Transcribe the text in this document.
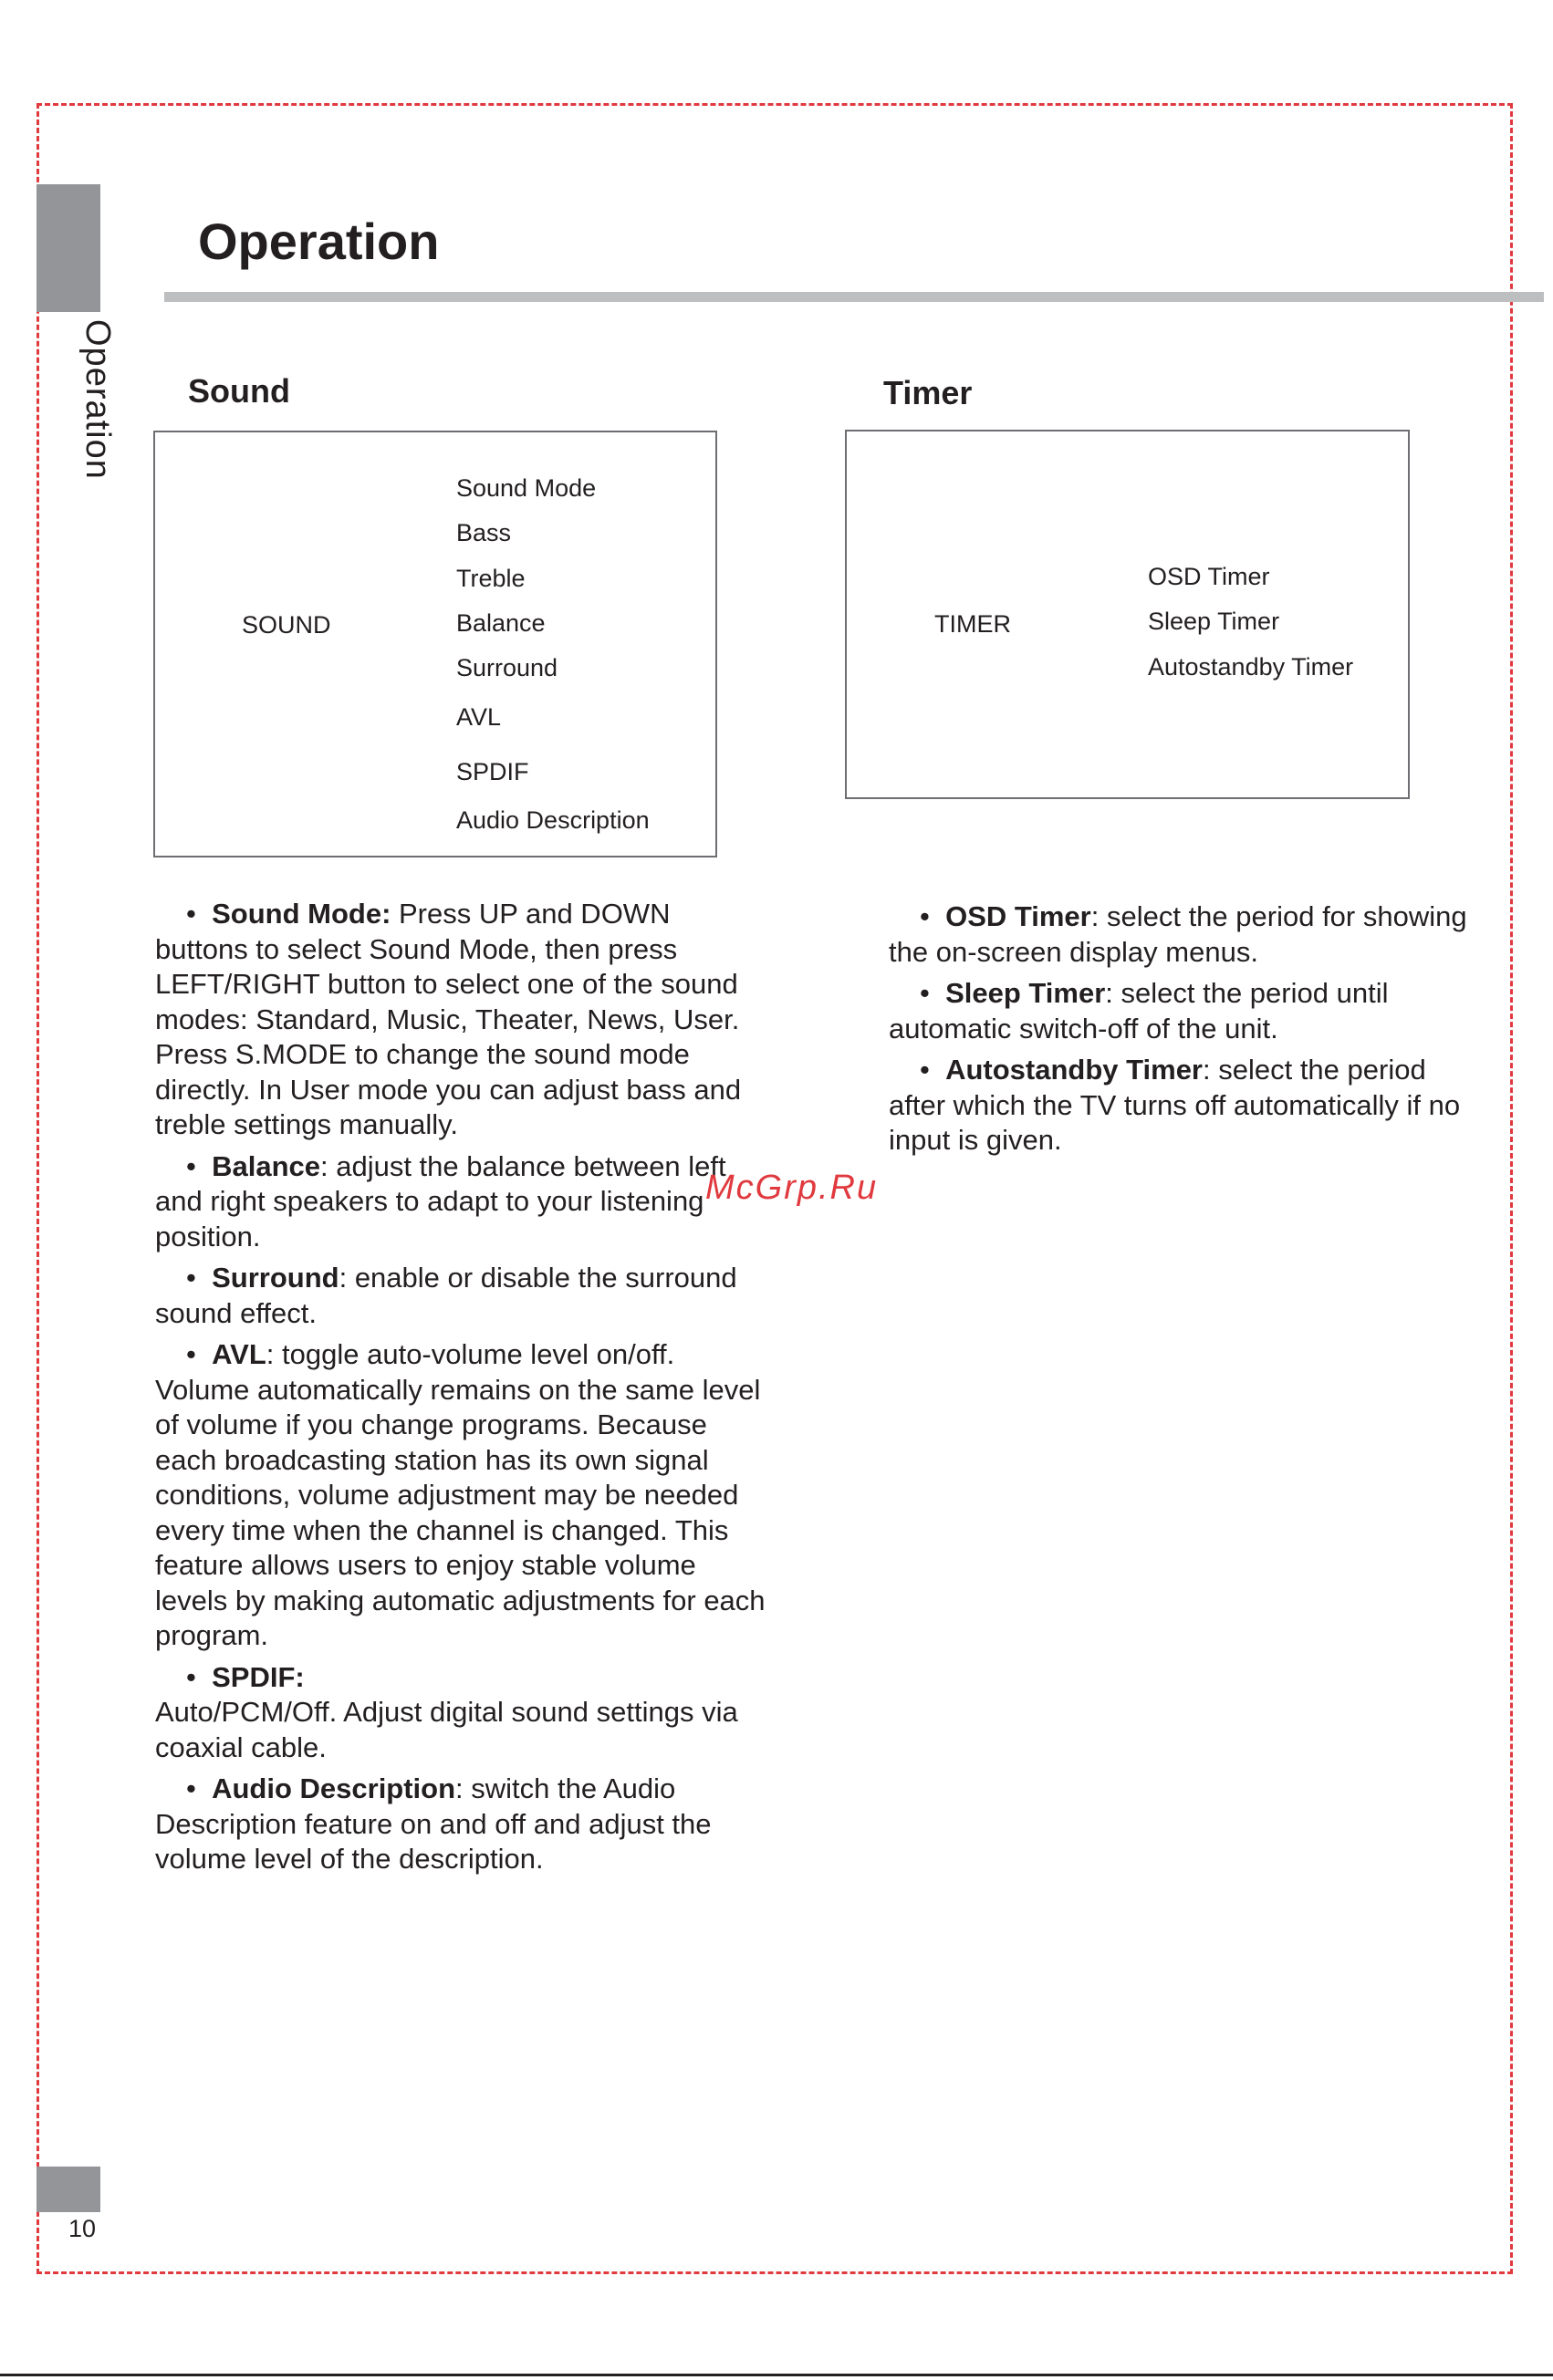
Operation
Operation
Sound
SOUND
Sound Mode
Bass
Treble
Balance
Surround
AVL
SPDIF
Audio Description

•  Sound Mode: Press UP and DOWN buttons to select Sound Mode, then press LEFT/RIGHT button to select one of the sound modes: Standard, Music, Theater, News, User. Press S.MODE to change the sound mode directly. In User mode you can adjust bass and treble settings manually.

•  Balance: adjust the balance between left and right speakers to adapt to your listening position.

•  Surround: enable or disable the surround sound effect.

•  AVL: toggle auto-volume level on/off. Volume automatically remains on the same level of volume if you change programs. Because each broadcasting station has its own signal conditions, volume adjustment may be needed every time when the channel is changed. This feature allows users to enjoy stable volume levels by making automatic adjustments for each program.

•  SPDIF:

Auto/PCM/Off. Adjust digital sound settings via coaxial cable.

•  Audio Description: switch the Audio Description feature on and off and adjust the volume level of the description.

McGrp.Ru
Timer
TIMER
OSD Timer
Sleep Timer
Autostandby Timer

•  OSD Timer: select the period for showing the on-screen display menus.

•  Sleep Timer: select the period until automatic switch-off of the unit.

•  Autostandby Timer: select the period after which the TV turns off automatically if no input is given.

10
